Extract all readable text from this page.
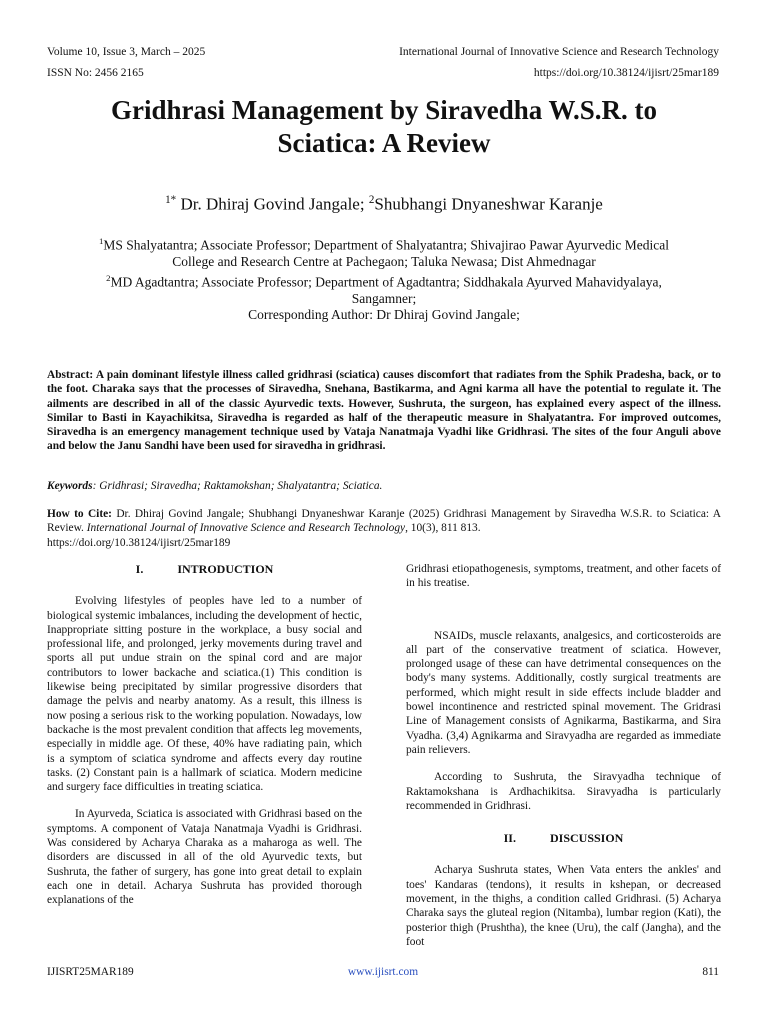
Volume 10, Issue 3, March – 2025
ISSN No: 2456 2165
International Journal of Innovative Science and Research Technology
https://doi.org/10.38124/ijisrt/25mar189
Gridhrasi Management by Siravedha W.S.R. to
Sciatica: A Review
$^{1*}$ Dr. Dhiraj Govind Jangale; $^2$Shubhangi Dnyaneshwar Karanje
$^1$MS Shalyatantra; Associate Professor; Department of Shalyatantra; Shivajirao Pawar Ayurvedic Medical
College and Research Centre at Pachegaon; Taluka Newasa; Dist Ahmednagar
$^2$MD Agadtantra; Associate Professor; Department of Agadtantra; Siddhakala Ayurved Mahavidyalaya,
Sangamner;
Corresponding Author: Dr Dhiraj Govind Jangale;

Abstract: A pain dominant lifestyle illness called gridhrasi (sciatica) causes discomfort that radiates from the Sphik Pradesha, back, or to the foot. Charaka says that the processes of Siravedha, Snehana, Bastikarma, and Agni karma all have the potential to regulate it. The ailments are described in all of the classic Ayurvedic texts. However, Sushruta, the surgeon, has explained every aspect of the illness. Similar to Basti in Kayachikitsa, Siravedha is regarded as half of the therapeutic measure in Shalyatantra. For improved outcomes, Siravedha is an emergency management technique used by Vataja Nanatmaja Vyadhi like Gridhrasi. The sites of the four Anguli above and below the Janu Sandhi have been used for siravedha in gridhrasi.

Keywords: Gridhrasi; Siravedha; Raktamokshan; Shalyatantra; Sciatica.

How to Cite: Dr. Dhiraj Govind Jangale; Shubhangi Dnyaneshwar Karanje (2025) Gridhrasi Management by Siravedha W.S.R. to Sciatica: A Review. International Journal of Innovative Science and Research Technology, 10(3), 811 813.
https://doi.org/10.38124/ijisrt/25mar189

I.	INTRODUCTION

Evolving lifestyles of peoples have led to a number of biological systemic imbalances, including the development of hectic, Inappropriate sitting posture in the workplace, a busy social and professional life, and prolonged, jerky movements during travel and sports all put undue strain on the spinal cord and are major contributors to lower backache and sciatica.(1) This condition is likewise being precipitated by similar progressive disorders that damage the pelvis and nearby anatomy. As a result, this illness is now posing a serious risk to the working population. Nowadays, low backache is the most prevalent condition that affects leg movements, especially in middle age. Of these, 40% have radiating pain, which is a symptom of sciatica syndrome and affects every day routine tasks. (2) Constant pain is a hallmark of sciatica. Modern medicine and surgery face difficulties in treating sciatica.

In Ayurveda, Sciatica is associated with Gridhrasi based on the symptoms. A component of Vataja Nanatmaja Vyadhi is Gridhrasi. Was considered by Acharya Charaka as a maharoga as well. The disorders are discussed in all of the old Ayurvedic texts, but Sushruta, the father of surgery, has gone into great detail to explain each one in detail. Acharya Sushruta has provided thorough explanations of the

Gridhrasi etiopathogenesis, symptoms, treatment, and other facets of in his treatise.

NSAIDs, muscle relaxants, analgesics, and corticosteroids are all part of the conservative treatment of sciatica. However, prolonged usage of these can have detrimental consequences on the body's many systems. Additionally, costly surgical treatments are performed, which might result in side effects include bladder and bowel incontinence and restricted spinal movement. The Gridrasi Line of Management consists of Agnikarma, Bastikarma, and Sira Vyadha. (3,4) Agnikarma and Siravyadha are regarded as immediate pain relievers.

According to Sushruta, the Siravyadha technique of Raktamokshana is Ardhachikitsa. Siravyadha is particularly recommended in Gridhrasi.

II.	DISCUSSION

Acharya Sushruta states, When Vata enters the ankles' and toes' Kandaras (tendons), it results in kshepan, or decreased movement, in the thighs, a condition called Gridhrasi. (5) Acharya Charaka says the gluteal region (Nitamba), lumbar region (Kati), the posterior thigh (Prushtha), the knee (Uru), the calf (Jangha), and the foot

IJISRT25MAR189	www.ijisrt.com	811
